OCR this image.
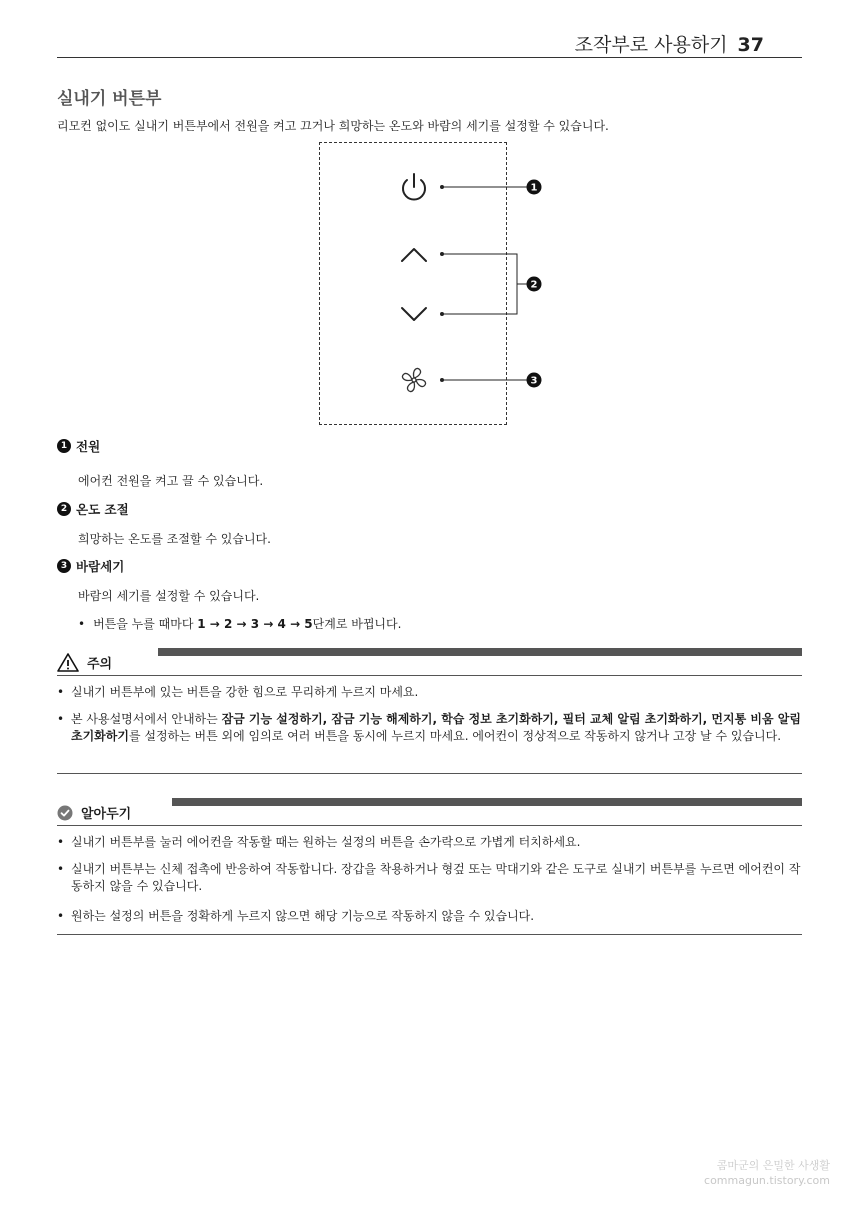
조작부로 사용하기 37
실내기 버튼부
리모컨 없이도 실내기 버튼부에서 전원을 켜고 끄거나 희망하는 온도와 바람의 세기를 설정할 수 있습니다.
1
2
3
1 전원
에어컨 전원을 켜고 끌 수 있습니다.
2 온도 조절
희망하는 온도를 조절할 수 있습니다.
3 바람세기
바람의 세기를 설정할 수 있습니다.
• 버튼을 누를 때마다 1 → 2 → 3 → 4 → 5단계로 바뀝니다.
주의
• 실내기 버튼부에 있는 버튼을 강한 힘으로 무리하게 누르지 마세요.
• 본 사용설명서에서 안내하는 잠금 기능 설정하기, 잠금 기능 해제하기, 학습 정보 초기화하기, 필터 교체 알림 초기화하기, 먼지통 비움 알림 초기화하기를 설정하는 버튼 외에 임의로 여러 버튼을 동시에 누르지 마세요. 에어컨이 정상적으로 작동하지 않거나 고장 날 수 있습니다.
알아두기
• 실내기 버튼부를 눌러 에어컨을 작동할 때는 원하는 설정의 버튼을 손가락으로 가볍게 터치하세요.
• 실내기 버튼부는 신체 접촉에 반응하여 작동합니다. 장갑을 착용하거나 형겊 또는 막대기와 같은 도구로 실내기 버튼부를 누르면 에어컨이 작동하지 않을 수 있습니다.
• 원하는 설정의 버튼을 정확하게 누르지 않으면 해당 기능으로 작동하지 않을 수 있습니다.
콤마군의 은밀한 사생활
commagun.tistory.com
